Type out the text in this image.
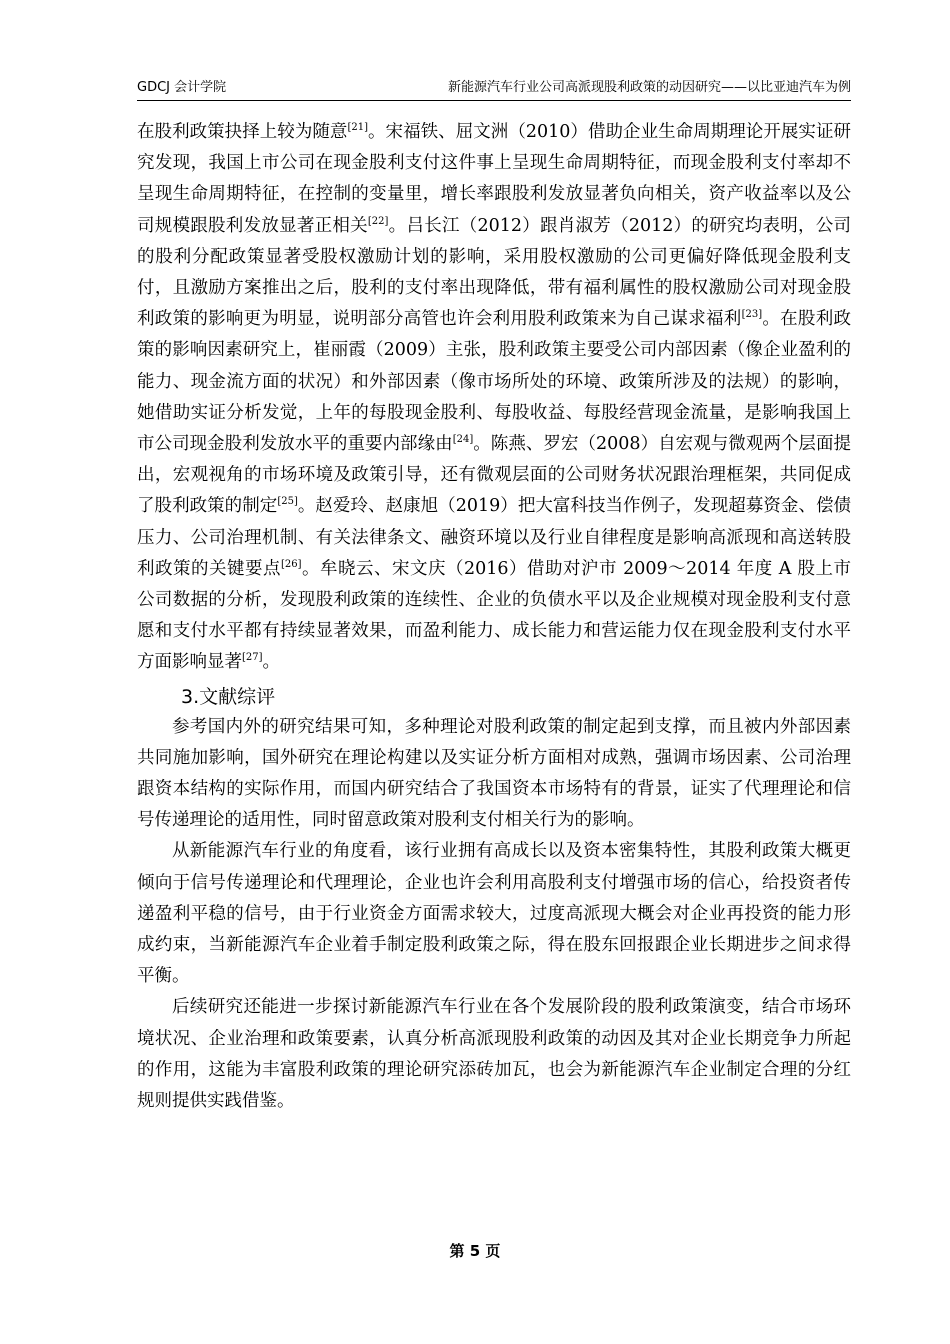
GDCJ 会计学院	新能源汽车行业公司高派现股利政策的动因研究——以比亚迪汽车为例

在股利政策抉择上较为随意[21]。宋福铁、屈文洲（2010）借助企业生命周期理论开展实证研究发现，我国上市公司在现金股利支付这件事上呈现生命周期特征，而现金股利支付率却不呈现生命周期特征，在控制的变量里，增长率跟股利发放显著负向相关，资产收益率以及公司规模跟股利发放显著正相关[22]。吕长江（2012）跟肖淑芳（2012）的研究均表明，公司的股利分配政策显著受股权激励计划的影响，采用股权激励的公司更偏好降低现金股利支付，且激励方案推出之后，股利的支付率出现降低，带有福利属性的股权激励公司对现金股利政策的影响更为明显，说明部分高管也许会利用股利政策来为自己谋求福利[23]。在股利政策的影响因素研究上，崔丽霞（2009）主张，股利政策主要受公司内部因素（像企业盈利的能力、现金流方面的状况）和外部因素（像市场所处的环境、政策所涉及的法规）的影响，她借助实证分析发觉，上年的每股现金股利、每股收益、每股经营现金流量，是影响我国上市公司现金股利发放水平的重要内部缘由[24]。陈燕、罗宏（2008）自宏观与微观两个层面提出，宏观视角的市场环境及政策引导，还有微观层面的公司财务状况跟治理框架，共同促成了股利政策的制定[25]。赵爱玲、赵康旭（2019）把大富科技当作例子，发现超募资金、偿债压力、公司治理机制、有关法律条文、融资环境以及行业自律程度是影响高派现和高送转股利政策的关键要点[26]。牟晓云、宋文庆（2016）借助对沪市 2009～2014 年度 A 股上市公司数据的分析，发现股利政策的连续性、企业的负债水平以及企业规模对现金股利支付意愿和支付水平都有持续显著效果，而盈利能力、成长能力和营运能力仅在现金股利支付水平方面影响显著[27]。

3.文献综评

参考国内外的研究结果可知，多种理论对股利政策的制定起到支撑，而且被内外部因素共同施加影响，国外研究在理论构建以及实证分析方面相对成熟，强调市场因素、公司治理跟资本结构的实际作用，而国内研究结合了我国资本市场特有的背景，证实了代理理论和信号传递理论的适用性，同时留意政策对股利支付相关行为的影响。

从新能源汽车行业的角度看，该行业拥有高成长以及资本密集特性，其股利政策大概更倾向于信号传递理论和代理理论，企业也许会利用高股利支付增强市场的信心，给投资者传递盈利平稳的信号，由于行业资金方面需求较大，过度高派现大概会对企业再投资的能力形成约束，当新能源汽车企业着手制定股利政策之际，得在股东回报跟企业长期进步之间求得平衡。

后续研究还能进一步探讨新能源汽车行业在各个发展阶段的股利政策演变，结合市场环境状况、企业治理和政策要素，认真分析高派现股利政策的动因及其对企业长期竞争力所起的作用，这能为丰富股利政策的理论研究添砖加瓦，也会为新能源汽车企业制定合理的分红规则提供实践借鉴。

第 5 页
